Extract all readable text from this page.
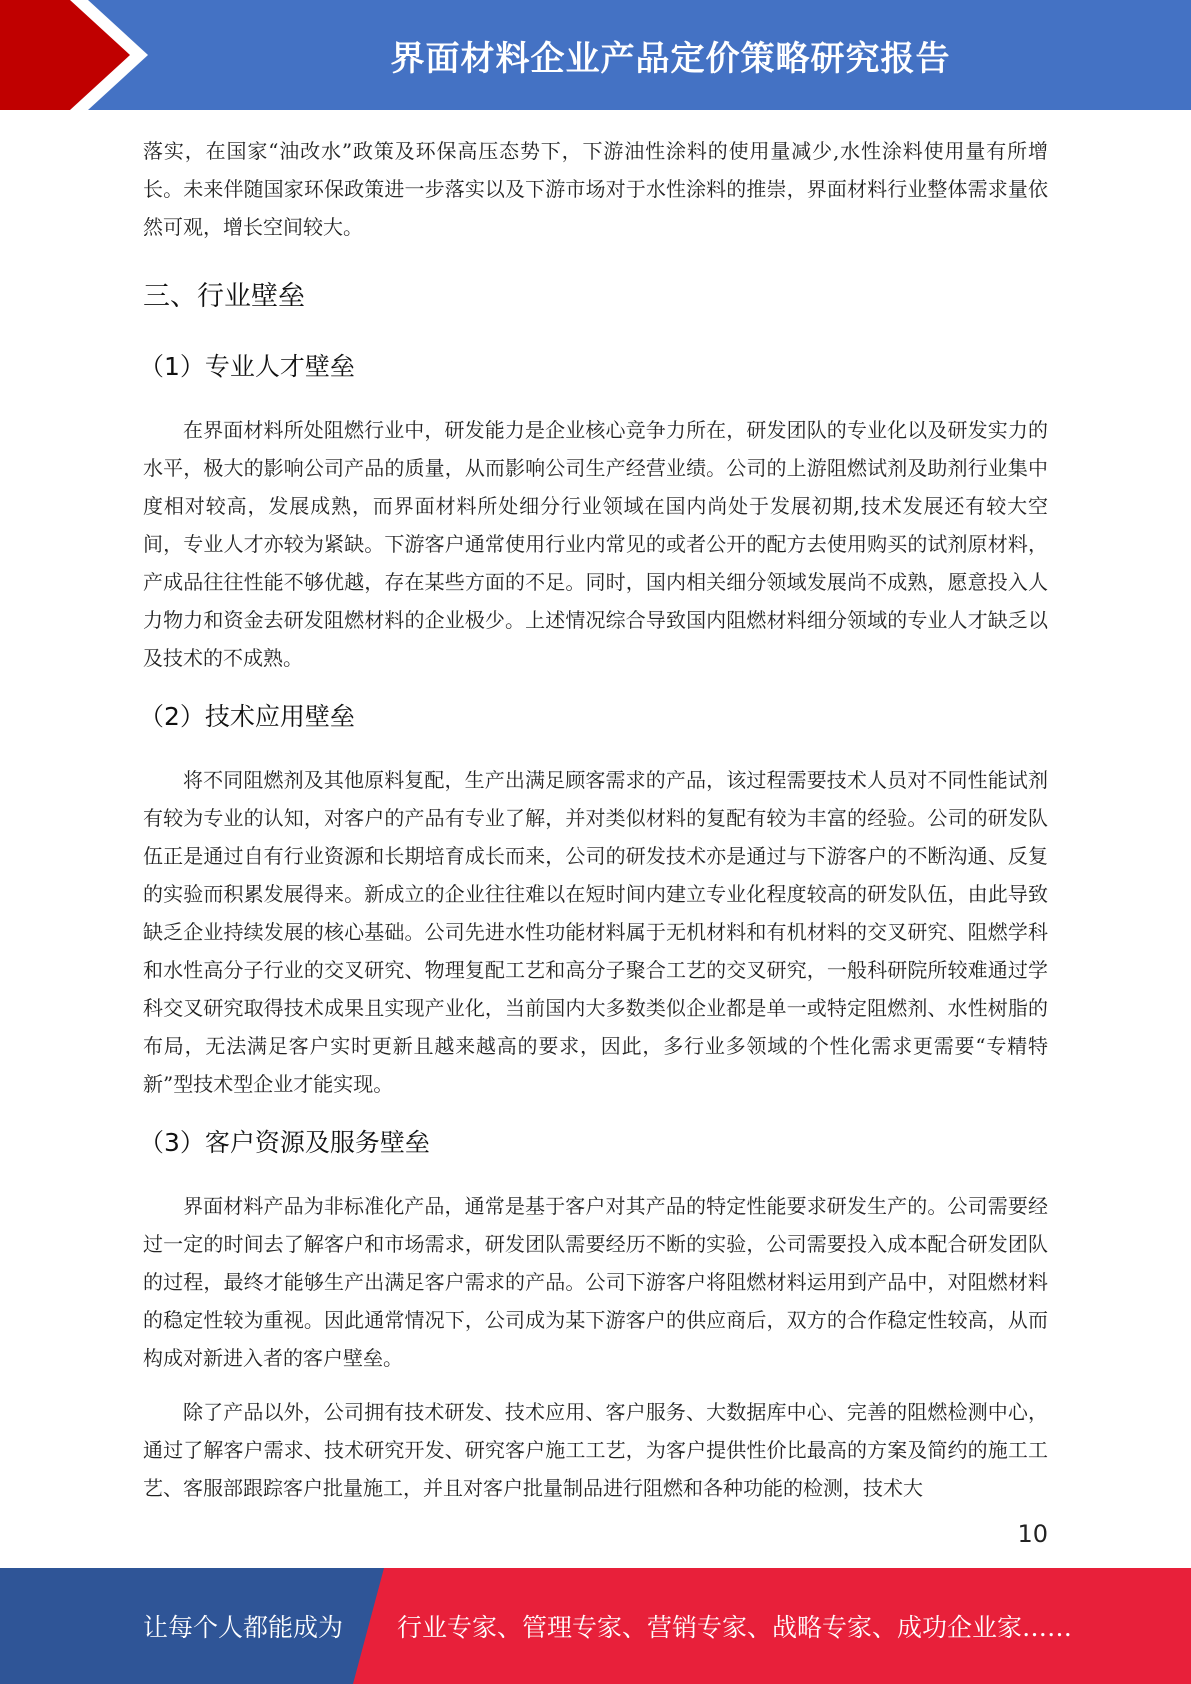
界面材料企业产品定价策略研究报告

落实，在国家“油改水”政策及环保高压态势下，下游油性涂料的使用量减少,水性涂料使用量有所增长。未来伴随国家环保政策进一步落实以及下游市场对于水性涂料的推崇，界面材料行业整体需求量依然可观，增长空间较大。

三、行业壁垒
（1）专业人才壁垒

在界面材料所处阻燃行业中，研发能力是企业核心竞争力所在，研发团队的专业化以及研发实力的水平，极大的影响公司产品的质量，从而影响公司生产经营业绩。公司的上游阻燃试剂及助剂行业集中度相对较高，发展成熟，而界面材料所处细分行业领域在国内尚处于发展初期,技术发展还有较大空间，专业人才亦较为紧缺。下游客户通常使用行业内常见的或者公开的配方去使用购买的试剂原材料，产成品往往性能不够优越，存在某些方面的不足。同时，国内相关细分领域发展尚不成熟，愿意投入人力物力和资金去研发阻燃材料的企业极少。上述情况综合导致国内阻燃材料细分领域的专业人才缺乏以及技术的不成熟。

（2）技术应用壁垒

将不同阻燃剂及其他原料复配，生产出满足顾客需求的产品，该过程需要技术人员对不同性能试剂有较为专业的认知，对客户的产品有专业了解，并对类似材料的复配有较为丰富的经验。公司的研发队伍正是通过自有行业资源和长期培育成长而来，公司的研发技术亦是通过与下游客户的不断沟通、反复的实验而积累发展得来。新成立的企业往往难以在短时间内建立专业化程度较高的研发队伍，由此导致缺乏企业持续发展的核心基础。公司先进水性功能材料属于无机材料和有机材料的交叉研究、阻燃学科和水性高分子行业的交叉研究、物理复配工艺和高分子聚合工艺的交叉研究，一般科研院所较难通过学科交叉研究取得技术成果且实现产业化，当前国内大多数类似企业都是单一或特定阻燃剂、水性树脂的布局，无法满足客户实时更新且越来越高的要求，因此，多行业多领域的个性化需求更需要“专精特新”型技术型企业才能实现。

（3）客户资源及服务壁垒

界面材料产品为非标准化产品，通常是基于客户对其产品的特定性能要求研发生产的。公司需要经过一定的时间去了解客户和市场需求，研发团队需要经历不断的实验，公司需要投入成本配合研发团队的过程，最终才能够生产出满足客户需求的产品。公司下游客户将阻燃材料运用到产品中，对阻燃材料的稳定性较为重视。因此通常情况下，公司成为某下游客户的供应商后，双方的合作稳定性较高，从而构成对新进入者的客户壁垒。

除了产品以外，公司拥有技术研发、技术应用、客户服务、大数据库中心、完善的阻燃检测中心，通过了解客户需求、技术研究开发、研究客户施工工艺，为客户提供性价比最高的方案及简约的施工工艺、客服部跟踪客户批量施工，并且对客户批量制品进行阻燃和各种功能的检测，技术大

10
让每个人都能成为 行业专家、管理专家、营销专家、战略专家、成功企业家……
